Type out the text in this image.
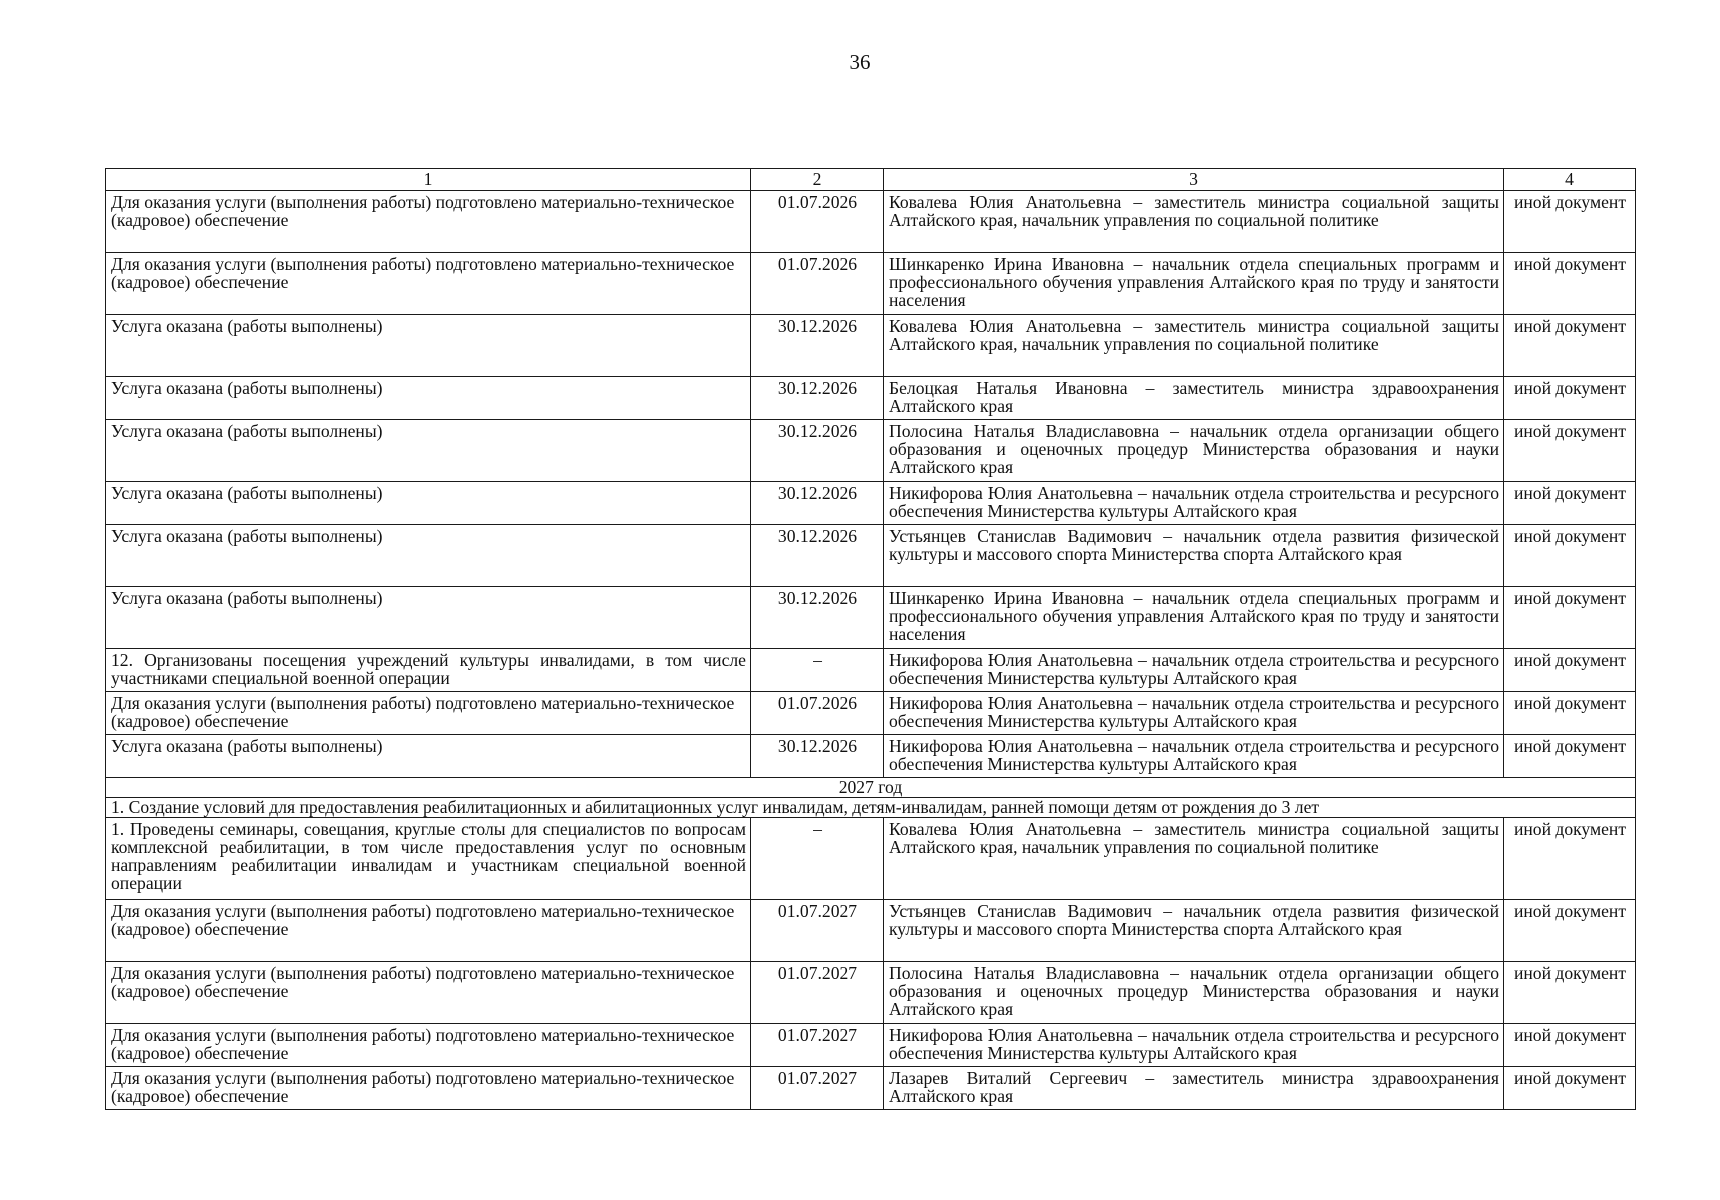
36
1	2	3	4
Для оказания услуги (выполнения работы) подготовлено материально-техническое (кадровое) обеспечение	01.07.2026	Ковалева Юлия Анатольевна – заместитель министра социальной защиты Алтайского края, начальник управления по социальной политике	иной документ
Для оказания услуги (выполнения работы) подготовлено материально-техническое (кадровое) обеспечение	01.07.2026	Шинкаренко Ирина Ивановна – начальник отдела специальных программ и профессионального обучения управления Алтайского края по труду и занятости населения	иной документ
Услуга оказана (работы выполнены)	30.12.2026	Ковалева Юлия Анатольевна – заместитель министра социальной защиты Алтайского края, начальник управления по социальной политике	иной документ
Услуга оказана (работы выполнены)	30.12.2026	Белоцкая Наталья Ивановна – заместитель министра здравоохранения Алтайского края	иной документ
Услуга оказана (работы выполнены)	30.12.2026	Полосина Наталья Владиславовна – начальник отдела организации общего образования и оценочных процедур Министерства образования и науки Алтайского края	иной документ
Услуга оказана (работы выполнены)	30.12.2026	Никифорова Юлия Анатольевна – начальник отдела строительства и ресурсного обеспечения Министерства культуры Алтайского края	иной документ
Услуга оказана (работы выполнены)	30.12.2026	Устьянцев Станислав Вадимович – начальник отдела развития физической культуры и массового спорта Министерства спорта Алтайского края	иной документ
Услуга оказана (работы выполнены)	30.12.2026	Шинкаренко Ирина Ивановна – начальник отдела специальных программ и профессионального обучения управления Алтайского края по труду и занятости населения	иной документ
12. Организованы посещения учреждений культуры инвалидами, в том числе участниками специальной военной операции	–	Никифорова Юлия Анатольевна – начальник отдела строительства и ресурсного обеспечения Министерства культуры Алтайского края	иной документ
Для оказания услуги (выполнения работы) подготовлено материально-техническое (кадровое) обеспечение	01.07.2026	Никифорова Юлия Анатольевна – начальник отдела строительства и ресурсного обеспечения Министерства культуры Алтайского края	иной документ
Услуга оказана (работы выполнены)	30.12.2026	Никифорова Юлия Анатольевна – начальник отдела строительства и ресурсного обеспечения Министерства культуры Алтайского края	иной документ
2027 год			
1. Создание условий для предоставления реабилитационных и абилитационных услуг инвалидам, детям-инвалидам, ранней помощи детям от рождения до 3 лет			
1. Проведены семинары, совещания, круглые столы для специалистов по вопросам комплексной реабилитации, в том числе предоставления услуг по основным направлениям реабилитации инвалидам и участникам специальной военной операции	–	Ковалева Юлия Анатольевна – заместитель министра социальной защиты Алтайского края, начальник управления по социальной политике	иной документ
Для оказания услуги (выполнения работы) подготовлено материально-техническое (кадровое) обеспечение	01.07.2027	Устьянцев Станислав Вадимович – начальник отдела развития физической культуры и массового спорта Министерства спорта Алтайского края	иной документ
Для оказания услуги (выполнения работы) подготовлено материально-техническое (кадровое) обеспечение	01.07.2027	Полосина Наталья Владиславовна – начальник отдела организации общего образования и оценочных процедур Министерства образования и науки Алтайского края	иной документ
Для оказания услуги (выполнения работы) подготовлено материально-техническое (кадровое) обеспечение	01.07.2027	Никифорова Юлия Анатольевна – начальник отдела строительства и ресурсного обеспечения Министерства культуры Алтайского края	иной документ
Для оказания услуги (выполнения работы) подготовлено материально-техническое (кадровое) обеспечение	01.07.2027	Лазарев Виталий Сергеевич – заместитель министра здравоохранения Алтайского края	иной документ
